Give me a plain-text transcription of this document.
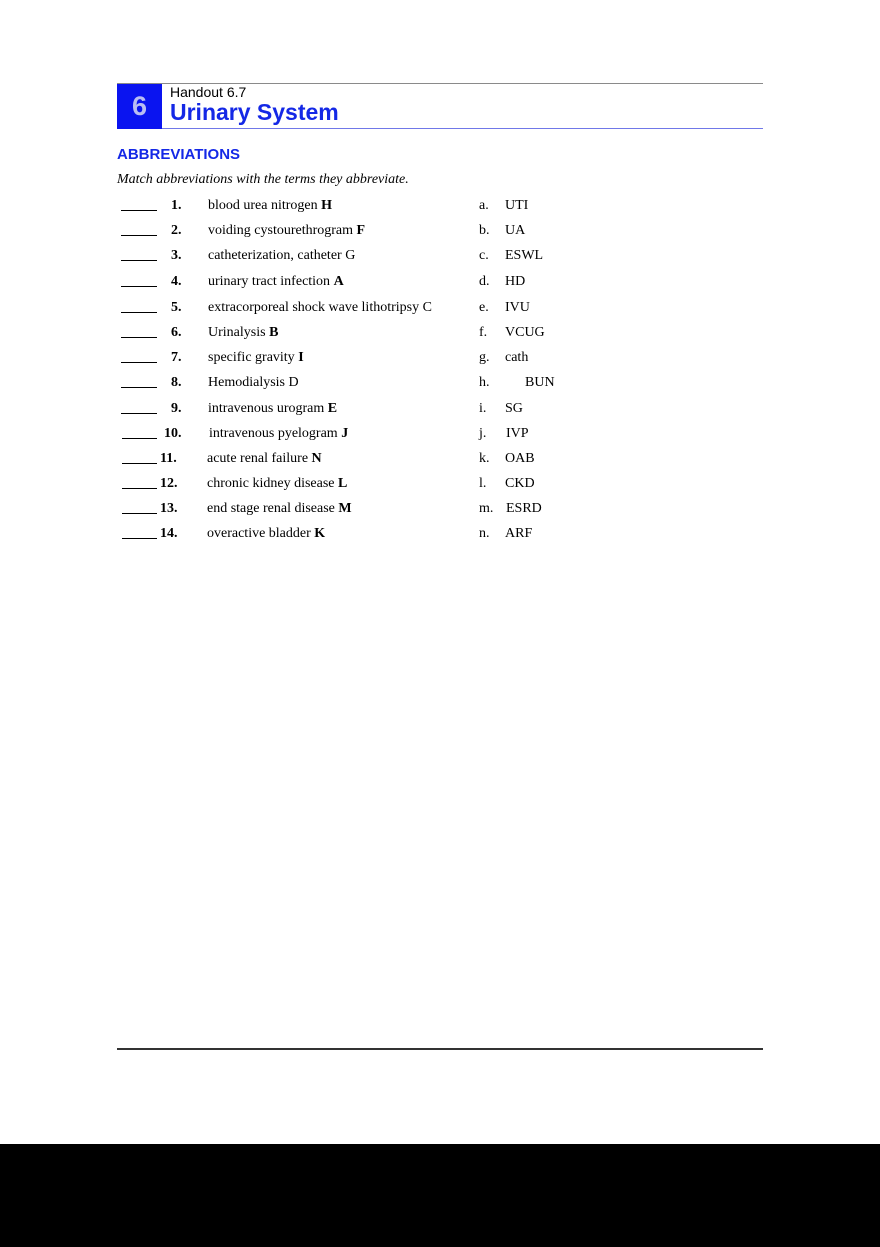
6	Handout 6.7
Urinary System
ABBREVIATIONS
Match abbreviations with the terms they abbreviate.
1. blood urea nitrogen H	a. UTI
2. voiding cystourethrogram F	b. UA
3. catheterization, catheter G	c. ESWL
4. urinary tract infection A	d. HD
5. extracorporeal shock wave lithotripsy C	e. IVU
6. Urinalysis B	f. VCUG
7. specific gravity I	g. cath
8. Hemodialysis D	h.	BUN
9. intravenous urogram E	i. SG
10. intravenous pyelogram J	j. IVP
11. acute renal failure N	k. OAB
12. chronic kidney disease L	l. CKD
13. end stage renal disease M	m. ESRD
14. overactive bladder K	n. ARF
